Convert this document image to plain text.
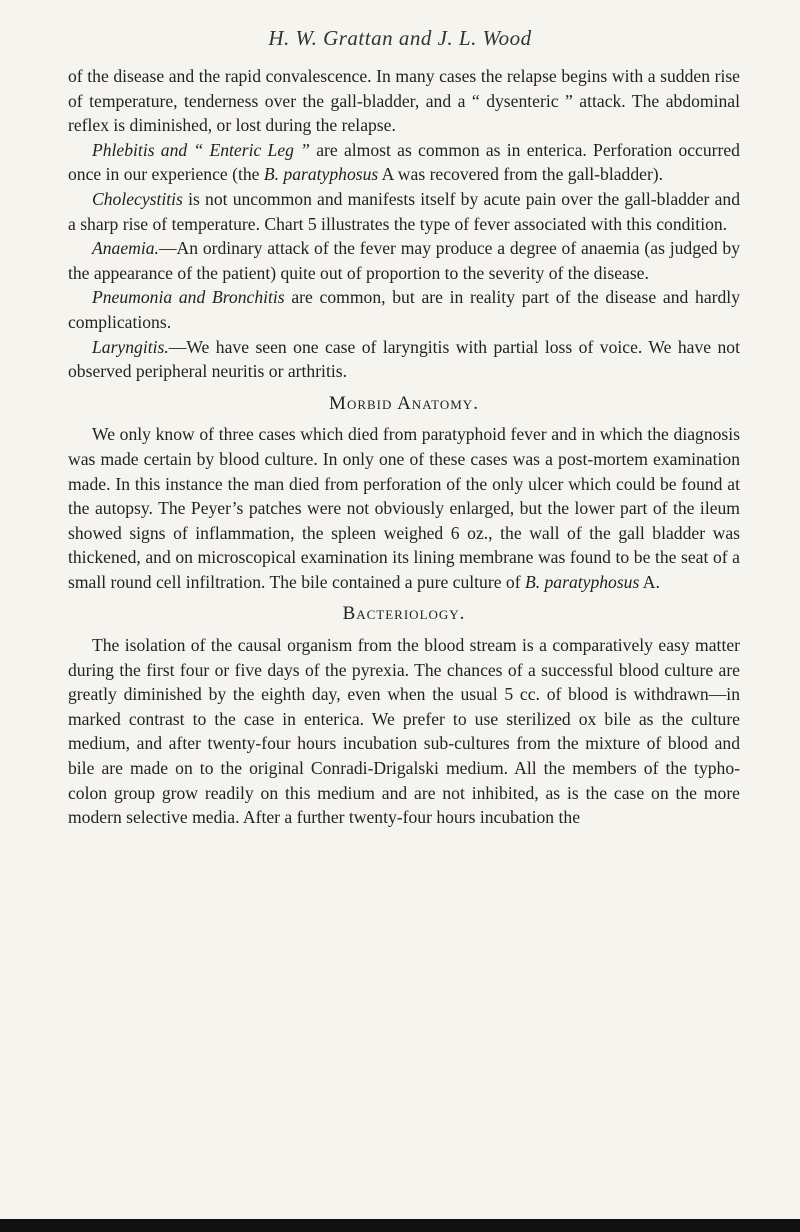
H. W. Grattan and J. L. Wood

of the disease and the rapid convalescence. In many cases the relapse begins with a sudden rise of temperature, tenderness over the gall-bladder, and a “ dysenteric ” attack. The abdominal reflex is diminished, or lost during the relapse.

Phlebitis and “ Enteric Leg ” are almost as common as in enterica. Perforation occurred once in our experience (the B. paratyphosus A was recovered from the gall-bladder).

Cholecystitis is not uncommon and manifests itself by acute pain over the gall-bladder and a sharp rise of temperature. Chart 5 illustrates the type of fever associated with this condition.

Anaemia.—An ordinary attack of the fever may produce a degree of anaemia (as judged by the appearance of the patient) quite out of proportion to the severity of the disease.

Pneumonia and Bronchitis are common, but are in reality part of the disease and hardly complications.

Laryngitis.—We have seen one case of laryngitis with partial loss of voice. We have not observed peripheral neuritis or arthritis.

Morbid Anatomy.

We only know of three cases which died from paratyphoid fever and in which the diagnosis was made certain by blood culture. In only one of these cases was a post-mortem examination made. In this instance the man died from perforation of the only ulcer which could be found at the autopsy. The Peyer’s patches were not obviously enlarged, but the lower part of the ileum showed signs of inflammation, the spleen weighed 6 oz., the wall of the gall bladder was thickened, and on microscopical examination its lining membrane was found to be the seat of a small round cell infiltration. The bile contained a pure culture of B. paratyphosus A.

Bacteriology.

The isolation of the causal organism from the blood stream is a comparatively easy matter during the first four or five days of the pyrexia. The chances of a successful blood culture are greatly diminished by the eighth day, even when the usual 5 cc. of blood is withdrawn—in marked contrast to the case in enterica. We prefer to use sterilized ox bile as the culture medium, and after twenty-four hours incubation sub-cultures from the mixture of blood and bile are made on to the original Conradi-Drigalski medium. All the members of the typho-colon group grow readily on this medium and are not inhibited, as is the case on the more modern selective media. After a further twenty-four hours incubation the
